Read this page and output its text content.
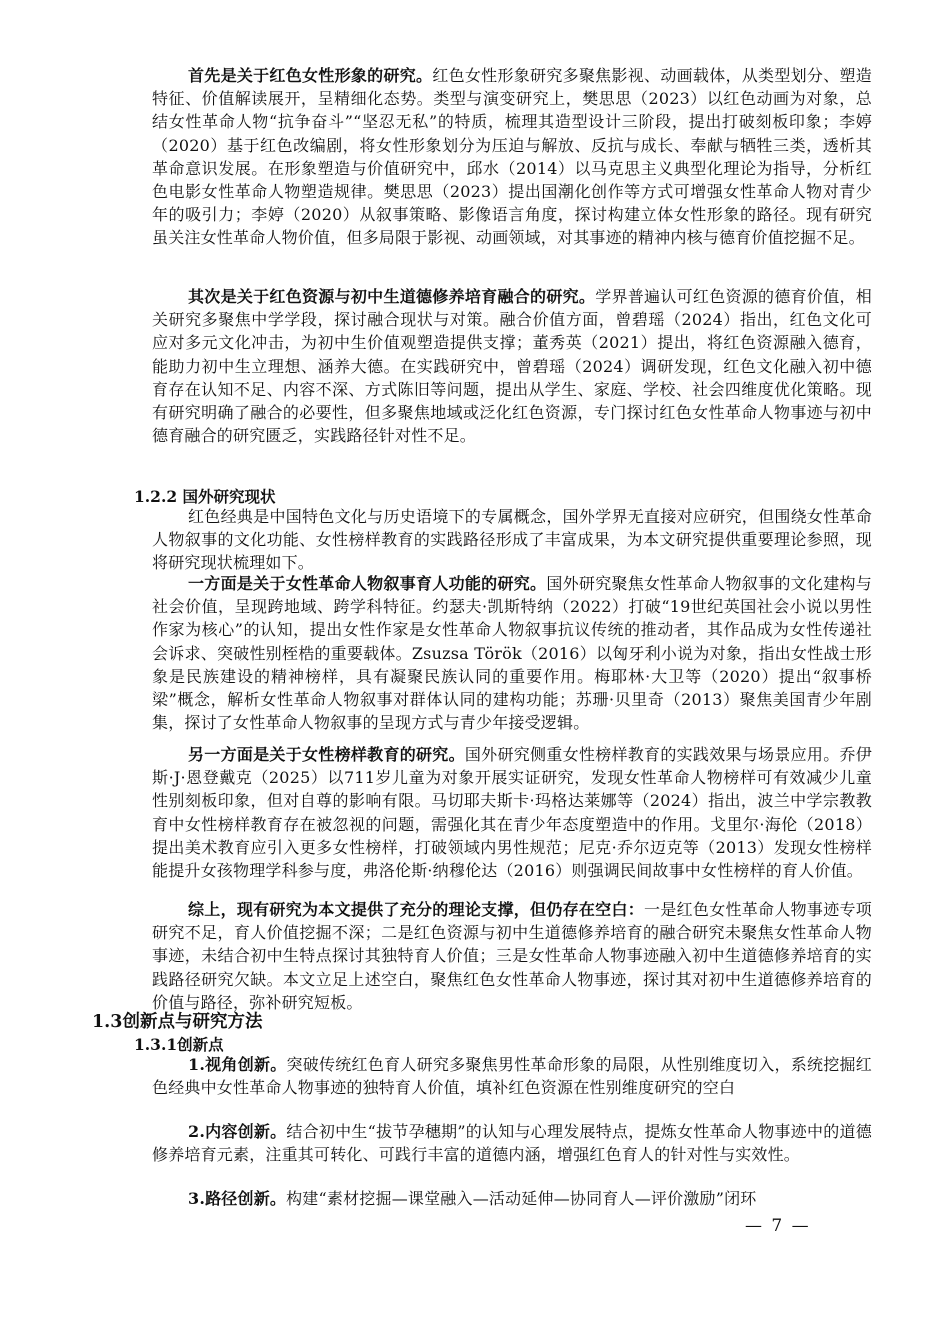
首先是关于红色女性形象的研究。红色女性形象研究多聚焦影视、动画载体，从类型划分、塑造特征、价值解读展开，呈精细化态势。类型与演变研究上，樊思思（2023）以红色动画为对象，总结女性革命人物“抗争奋斗”“坚忍无私”的特质，梳理其造型设计三阶段，提出打破刻板印象；李婷（2020）基于红色改编剧，将女性形象划分为压迫与解放、反抗与成长、奉献与牺牲三类，透析其革命意识发展。在形象塑造与价值研究中，邱水（2014）以马克思主义典型化理论为指导，分析红色电影女性革命人物塑造规律。樊思思（2023）提出国潮化创作等方式可增强女性革命人物对青少年的吸引力；李婷（2020）从叙事策略、影像语言角度，探讨构建立体女性形象的路径。现有研究虽关注女性革命人物价值，但多局限于影视、动画领域，对其事迹的精神内核与德育价值挖掘不足。

其次是关于红色资源与初中生道德修养培育融合的研究。学界普遍认可红色资源的德育价值，相关研究多聚焦中学学段，探讨融合现状与对策。融合价值方面，曾碧瑶（2024）指出，红色文化可应对多元文化冲击，为初中生价值观塑造提供支撑；董秀英（2021）提出，将红色资源融入德育，能助力初中生立理想、涵养大德。在实践研究中，曾碧瑶（2024）调研发现，红色文化融入初中德育存在认知不足、内容不深、方式陈旧等问题，提出从学生、家庭、学校、社会四维度优化策略。现有研究明确了融合的必要性，但多聚焦地域或泛化红色资源，专门探讨红色女性革命人物事迹与初中德育融合的研究匮乏，实践路径针对性不足。

1.2.2 国外研究现状

红色经典是中国特色文化与历史语境下的专属概念，国外学界无直接对应研究，但围绕女性革命人物叙事的文化功能、女性榜样教育的实践路径形成了丰富成果，为本文研究提供重要理论参照，现将研究现状梳理如下。

一方面是关于女性革命人物叙事育人功能的研究。国外研究聚焦女性革命人物叙事的文化建构与社会价值，呈现跨地域、跨学科特征。约瑟夫·凯斯特纳（2022）打破“19世纪英国社会小说以男性作家为核心”的认知，提出女性作家是女性革命人物叙事抗议传统的推动者，其作品成为女性传递社会诉求、突破性别桎梏的重要载体。Zsuzsa Török（2016）以匈牙利小说为对象，指出女性战士形象是民族建设的精神榜样，具有凝聚民族认同的重要作用。梅耶林·大卫等（2020）提出“叙事桥梁”概念，解析女性革命人物叙事对群体认同的建构功能；苏珊·贝里奇（2013）聚焦美国青少年剧集，探讨了女性革命人物叙事的呈现方式与青少年接受逻辑。

另一方面是关于女性榜样教育的研究。国外研究侧重女性榜样教育的实践效果与场景应用。乔伊斯·J·恩登戴克（2025）以711岁儿童为对象开展实证研究，发现女性革命人物榜样可有效减少儿童性别刻板印象，但对自尊的影响有限。马切耶夫斯卡·玛格达莱娜等（2024）指出，波兰中学宗教教育中女性榜样教育存在被忽视的问题，需强化其在青少年态度塑造中的作用。戈里尔·海伦（2018）提出美术教育应引入更多女性榜样，打破领域内男性规范；尼克·乔尔迈克等（2013）发现女性榜样能提升女孩物理学科参与度，弗洛伦斯·纳穆伦达（2016）则强调民间故事中女性榜样的育人价值。

综上，现有研究为本文提供了充分的理论支撑，但仍存在空白：一是红色女性革命人物事迹专项研究不足，育人价值挖掘不深；二是红色资源与初中生道德修养培育的融合研究未聚焦女性革命人物事迹，未结合初中生特点探讨其独特育人价值；三是女性革命人物事迹融入初中生道德修养培育的实践路径研究欠缺。本文立足上述空白，聚焦红色女性革命人物事迹，探讨其对初中生道德修养培育的价值与路径，弥补研究短板。

1.3创新点与研究方法
1.3.1创新点

1.视角创新。突破传统红色育人研究多聚焦男性革命形象的局限，从性别维度切入，系统挖掘红色经典中女性革命人物事迹的独特育人价值，填补红色资源在性别维度研究的空白

2.内容创新。结合初中生“拔节孕穗期”的认知与心理发展特点，提炼女性革命人物事迹中的道德修养培育元素，注重其可转化、可践行丰富的道德内涵，增强红色育人的针对性与实效性。

3.路径创新。构建“素材挖掘—课堂融入—活动延伸—协同育人—评价激励”闭环

— 7 —
